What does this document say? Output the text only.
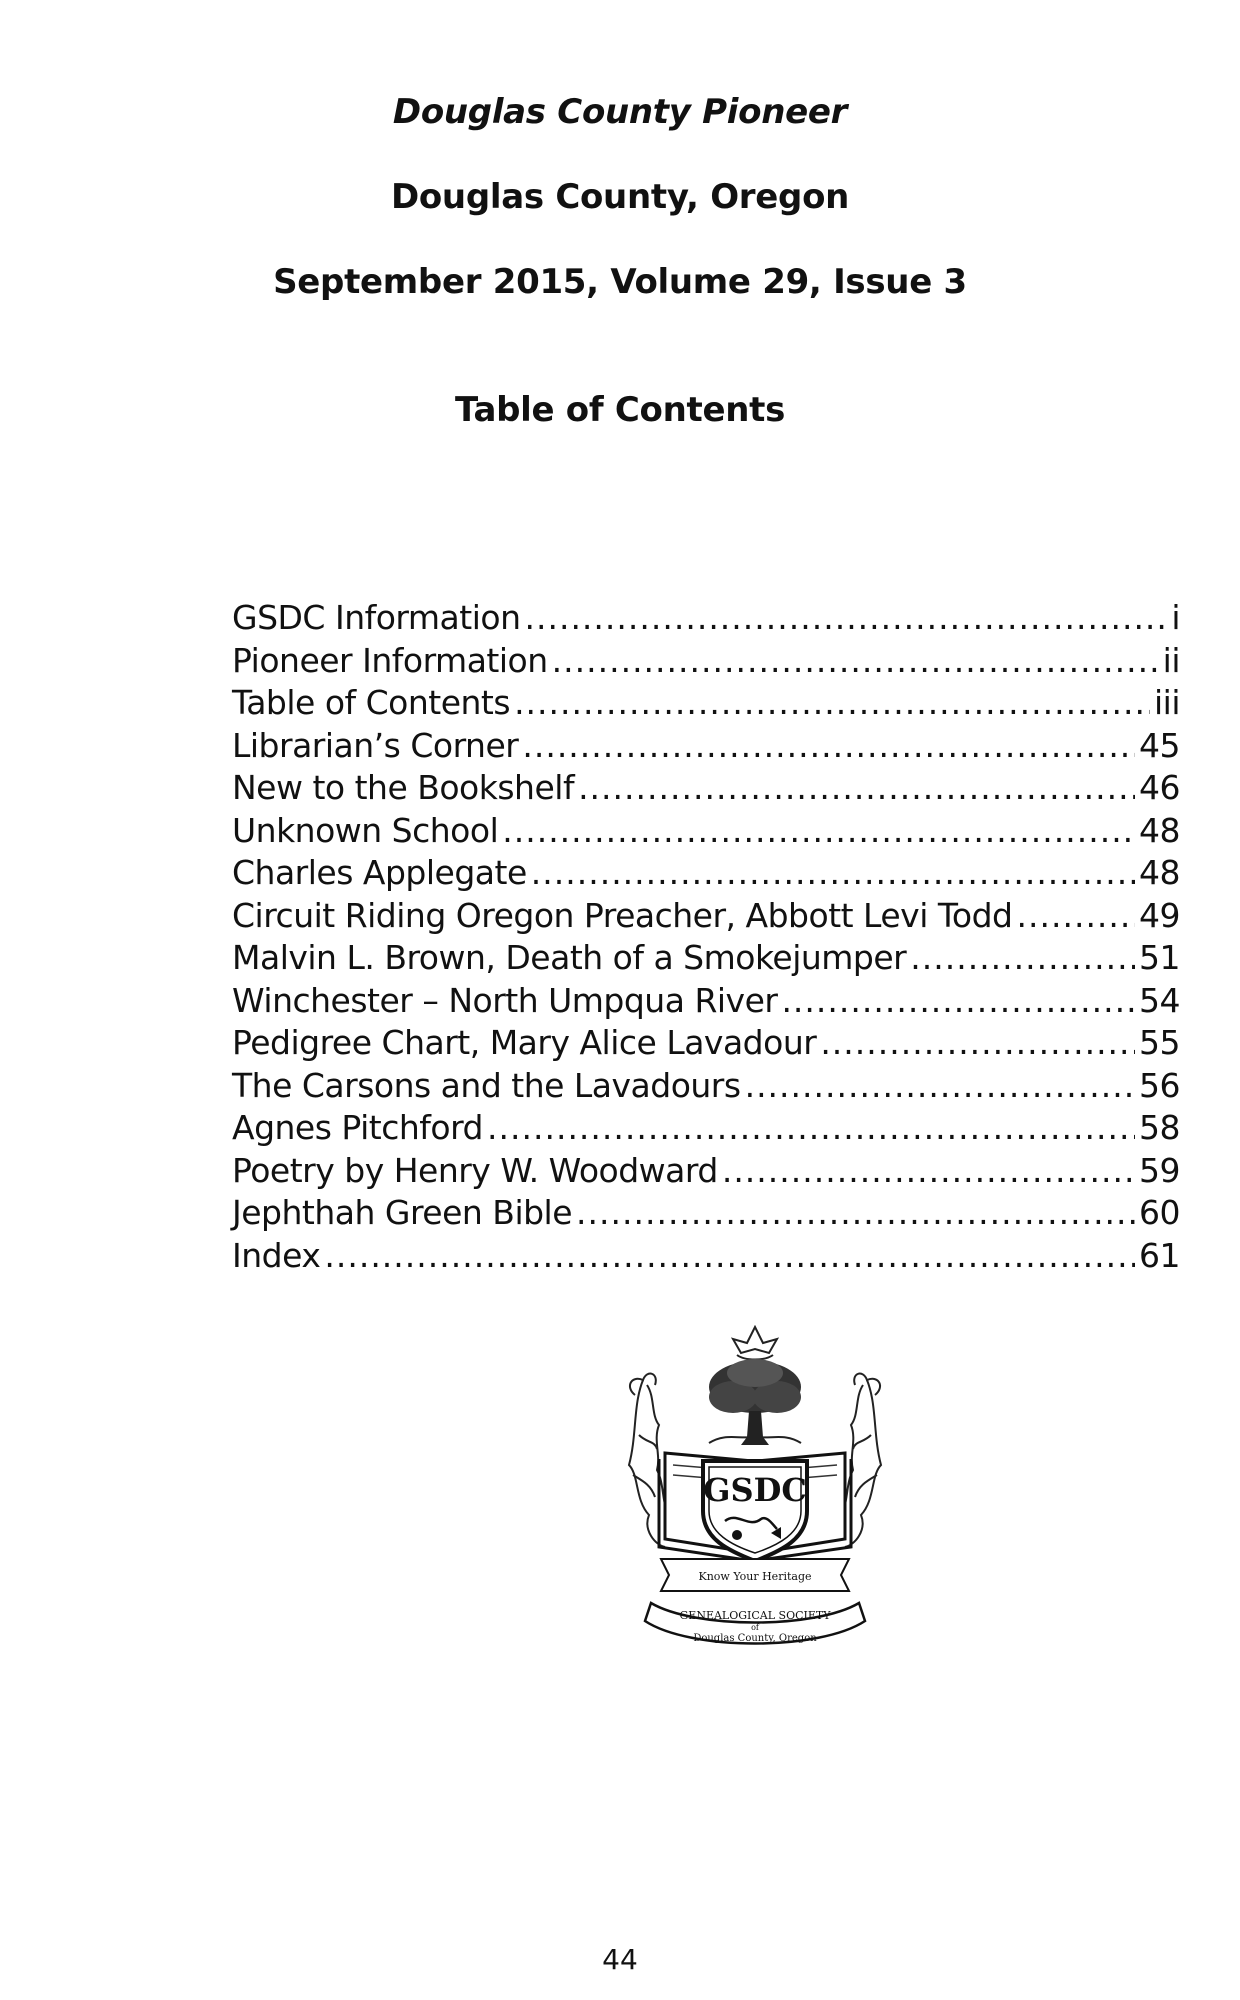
Douglas County Pioneer
Douglas County, Oregon
September 2015, Volume 29, Issue 3
Table of Contents
GSDC Information .....	i
Pioneer Information .....	ii
Table of Contents .....	iii
Librarian’s Corner .....	45
New to the Bookshelf .....	46
Unknown School .....	48
Charles Applegate .....	48
Circuit Riding Oregon Preacher, Abbott Levi Todd .....	49
Malvin L. Brown, Death of a Smokejumper .....	51
Winchester – North Umpqua River .....	54
Pedigree Chart, Mary Alice Lavadour .....	55
The Carsons and the Lavadours .....	56
Agnes Pitchford .....	58
Poetry by Henry W. Woodward .....	59
Jephthah Green Bible .....	60
Index .....	61
GSDC
Know Your Heritage
GENEALOGICAL SOCIETY
of
Douglas County, Oregon
44
